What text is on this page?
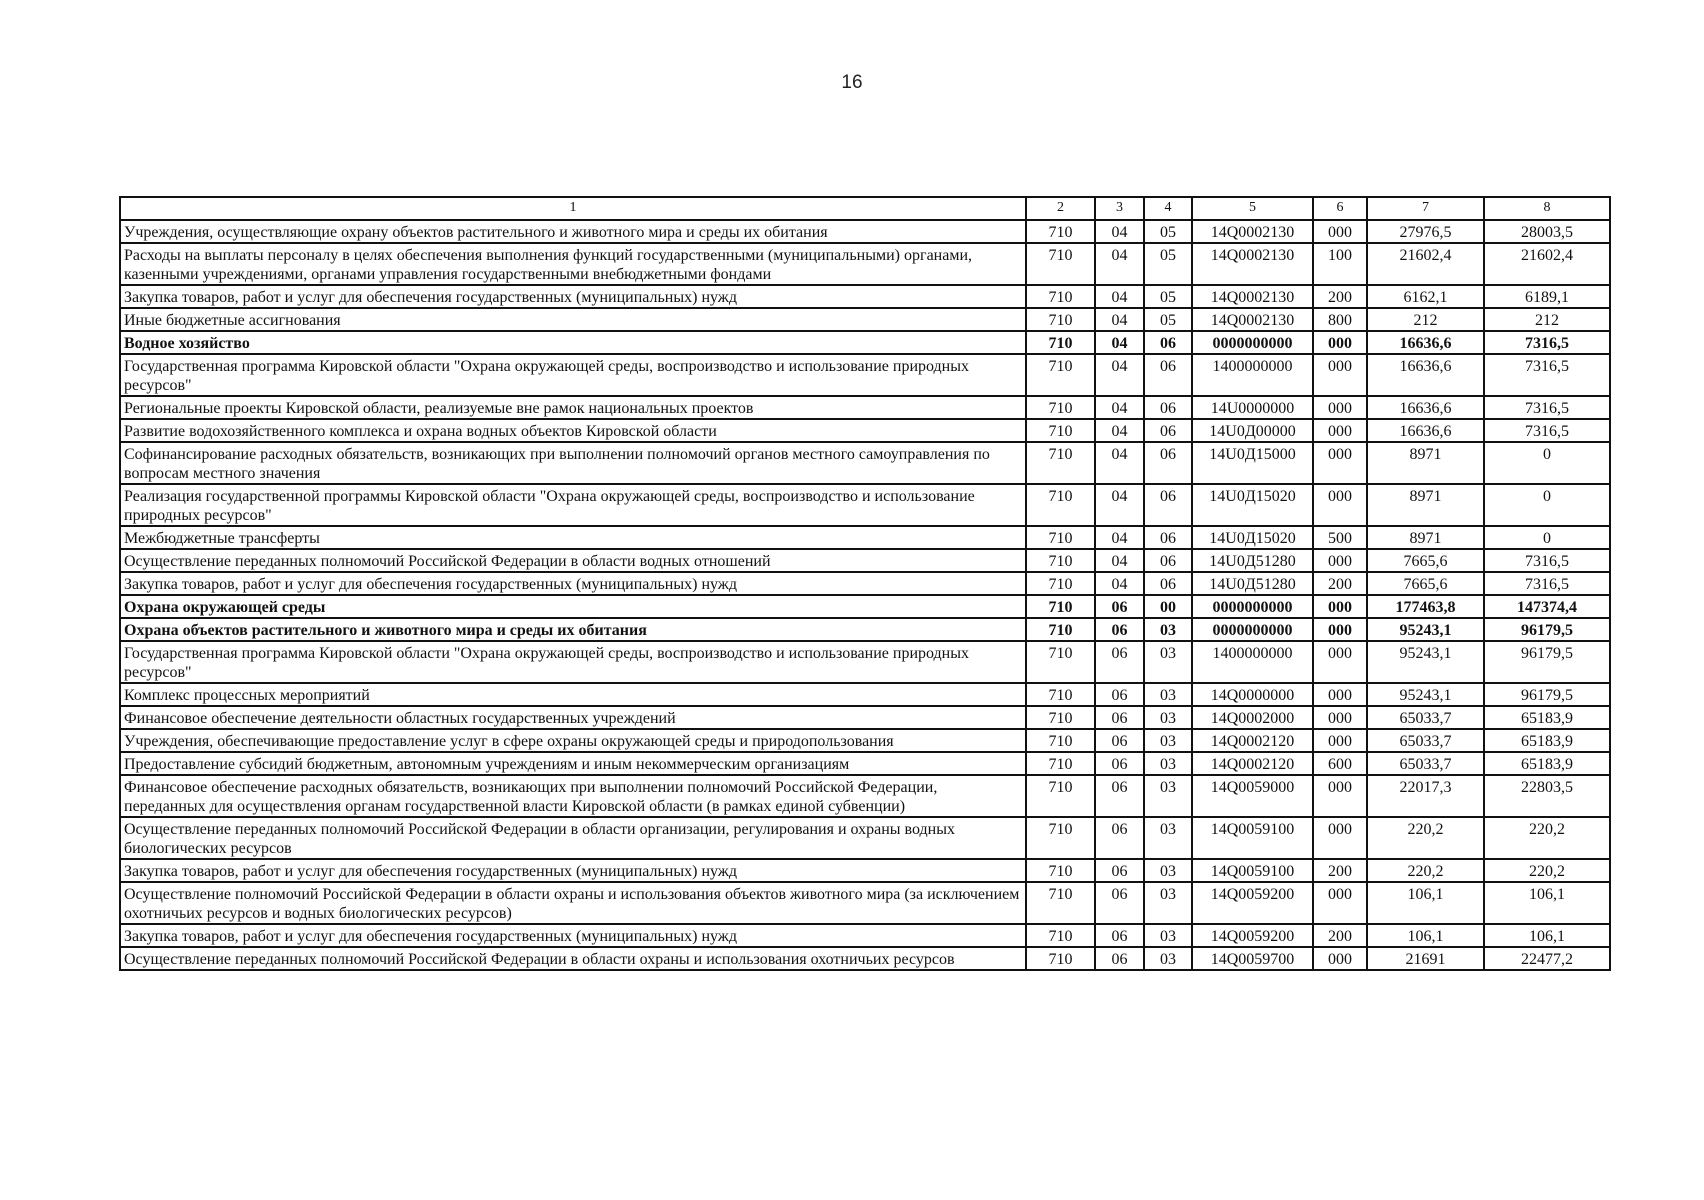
16
1	2	3	4	5	6	7	8
Учреждения, осуществляющие охрану объектов растительного и животного мира и среды их обитания	710	04	05	14Q0002130	000	27976,5	28003,5
Расходы на выплаты персоналу в целях обеспечения выполнения функций государственными (муниципальными) органами, казенными учреждениями, органами управления государственными внебюджетными фондами	710	04	05	14Q0002130	100	21602,4	21602,4
Закупка товаров, работ и услуг для обеспечения государственных (муниципальных) нужд	710	04	05	14Q0002130	200	6162,1	6189,1
Иные бюджетные ассигнования	710	04	05	14Q0002130	800	212	212
Водное хозяйство	710	04	06	0000000000	000	16636,6	7316,5
Государственная программа Кировской области "Охрана окружающей среды, воспроизводство и использование природных ресурсов"	710	04	06	1400000000	000	16636,6	7316,5
Региональные проекты Кировской области, реализуемые вне рамок национальных проектов	710	04	06	14U0000000	000	16636,6	7316,5
Развитие водохозяйственного комплекса и охрана водных объектов Кировской области	710	04	06	14U0Д00000	000	16636,6	7316,5
Софинансирование расходных обязательств, возникающих при выполнении полномочий органов местного самоуправления по вопросам местного значения	710	04	06	14U0Д15000	000	8971	0
Реализация государственной программы Кировской области "Охрана окружающей среды, воспроизводство и использование природных ресурсов"	710	04	06	14U0Д15020	000	8971	0
Межбюджетные трансферты	710	04	06	14U0Д15020	500	8971	0
Осуществление переданных полномочий Российской Федерации в области водных отношений	710	04	06	14U0Д51280	000	7665,6	7316,5
Закупка товаров, работ и услуг для обеспечения государственных (муниципальных) нужд	710	04	06	14U0Д51280	200	7665,6	7316,5
Охрана окружающей среды	710	06	00	0000000000	000	177463,8	147374,4
Охрана объектов растительного и животного мира и среды их обитания	710	06	03	0000000000	000	95243,1	96179,5
Государственная программа Кировской области "Охрана окружающей среды, воспроизводство и использование природных ресурсов"	710	06	03	1400000000	000	95243,1	96179,5
Комплекс процессных мероприятий	710	06	03	14Q0000000	000	95243,1	96179,5
Финансовое обеспечение деятельности областных государственных учреждений	710	06	03	14Q0002000	000	65033,7	65183,9
Учреждения, обеспечивающие предоставление услуг в сфере охраны окружающей среды и природопользования	710	06	03	14Q0002120	000	65033,7	65183,9
Предоставление субсидий бюджетным, автономным учреждениям и иным некоммерческим организациям	710	06	03	14Q0002120	600	65033,7	65183,9
Финансовое обеспечение расходных обязательств, возникающих при выполнении полномочий Российской Федерации, переданных для осуществления органам государственной власти Кировской области (в рамках единой субвенции)	710	06	03	14Q0059000	000	22017,3	22803,5
Осуществление переданных полномочий Российской Федерации в области организации, регулирования и охраны водных биологических ресурсов	710	06	03	14Q0059100	000	220,2	220,2
Закупка товаров, работ и услуг для обеспечения государственных (муниципальных) нужд	710	06	03	14Q0059100	200	220,2	220,2
Осуществление полномочий Российской Федерации в области охраны и использования объектов животного мира (за исключением охотничьих ресурсов и водных биологических ресурсов)	710	06	03	14Q0059200	000	106,1	106,1
Закупка товаров, работ и услуг для обеспечения государственных (муниципальных) нужд	710	06	03	14Q0059200	200	106,1	106,1
Осуществление переданных полномочий Российской Федерации в области охраны и использования охотничьих ресурсов	710	06	03	14Q0059700	000	21691	22477,2
